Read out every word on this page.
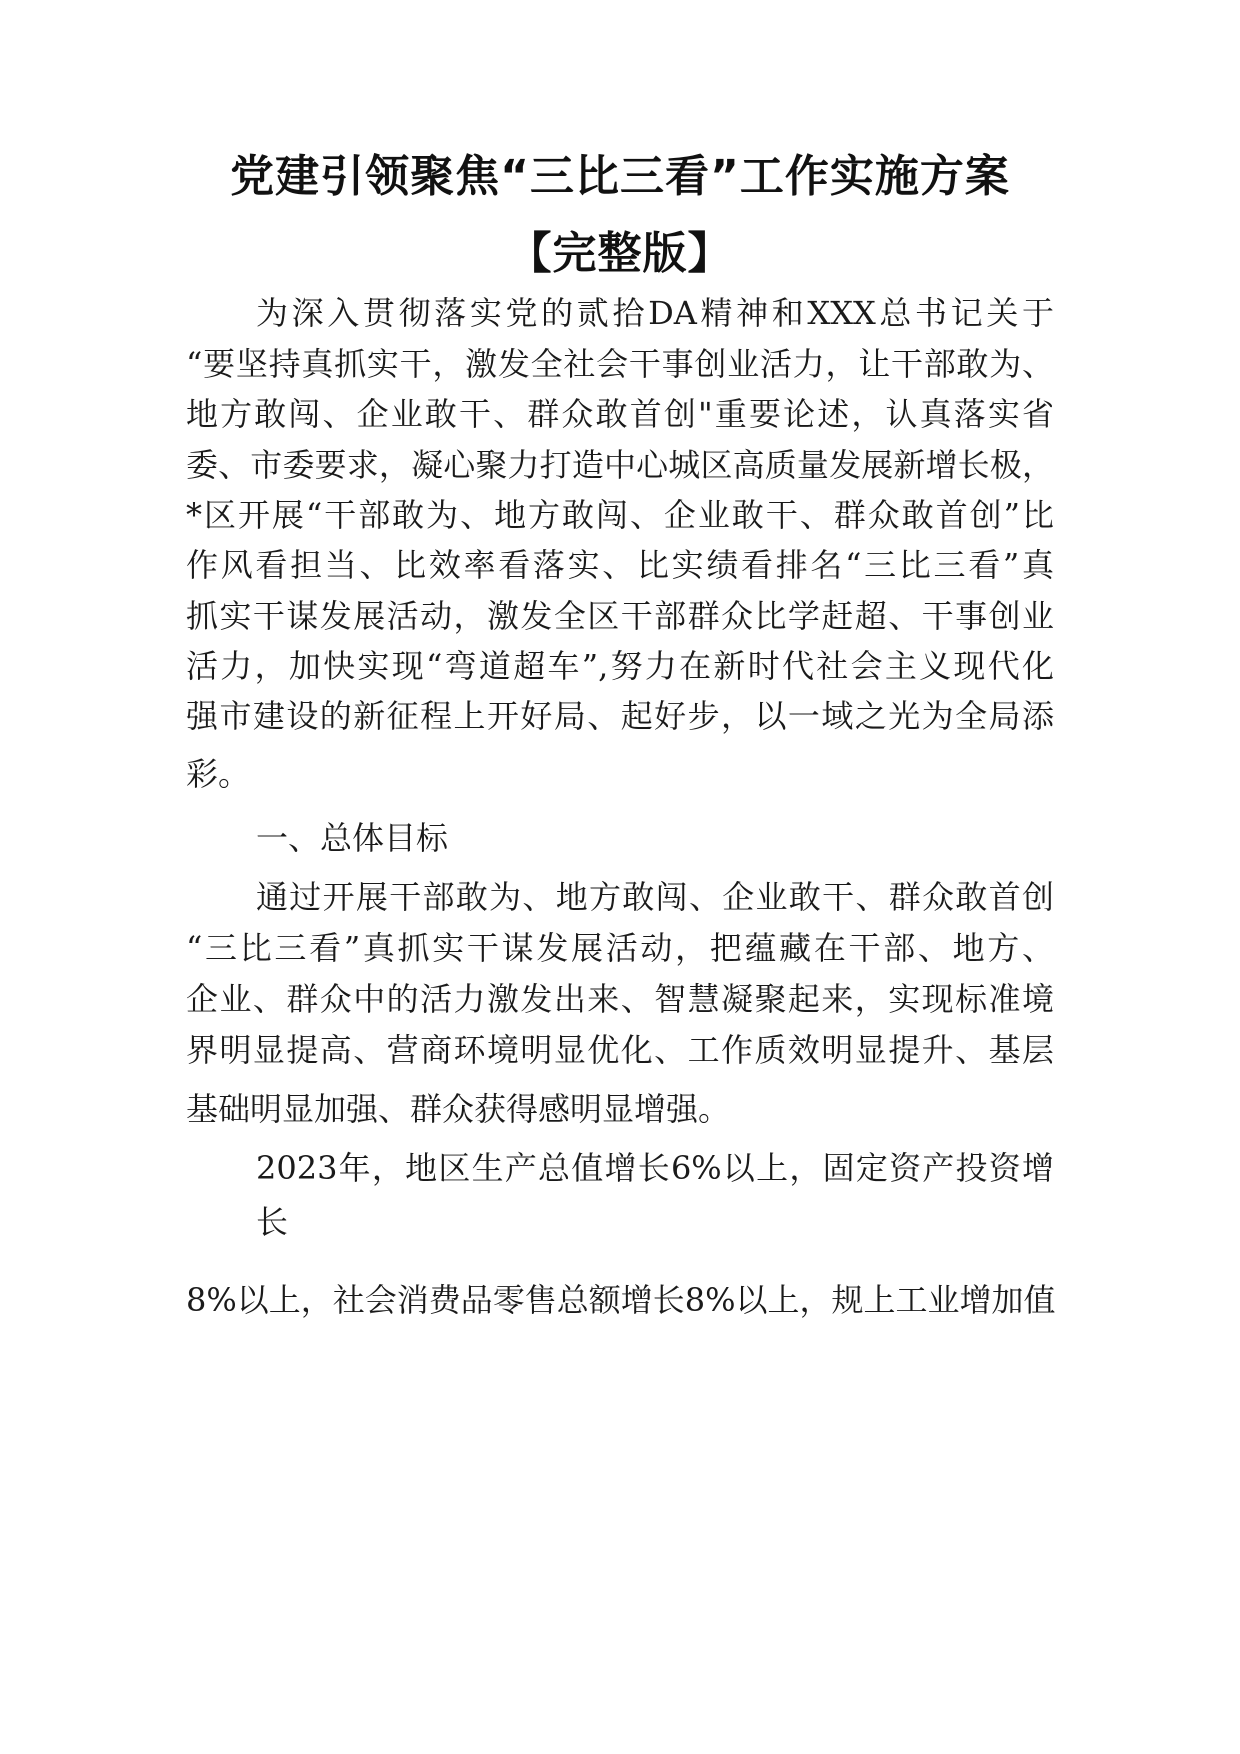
党建引领聚焦“三比三看”工作实施方案
【完整版】
为深入贯彻落实党的贰拾DA精神和XXX总书记关于
“要坚持真抓实干，激发全社会干事创业活力，让干部敢为、
地方敢闯、企业敢干、群众敢首创"重要论述，认真落实省
委、市委要求，凝心聚力打造中心城区高质量发展新增长极，
*区开展“干部敢为、地方敢闯、企业敢干、群众敢首创”比
作风看担当、比效率看落实、比实绩看排名“三比三看”真
抓实干谋发展活动，激发全区干部群众比学赶超、干事创业
活力，加快实现“弯道超车”,努力在新时代社会主义现代化
强市建设的新征程上开好局、起好步，以一域之光为全局添
彩。
一、总体目标
通过开展干部敢为、地方敢闯、企业敢干、群众敢首创
“三比三看”真抓实干谋发展活动，把蕴藏在干部、地方、
企业、群众中的活力激发出来、智慧凝聚起来，实现标准境
界明显提高、营商环境明显优化、工作质效明显提升、基层
基础明显加强、群众获得感明显增强。
2023年，地区生产总值增长6%以上，固定资产投资增
长
8%以上，社会消费品零售总额增长8%以上，规上工业增加值
